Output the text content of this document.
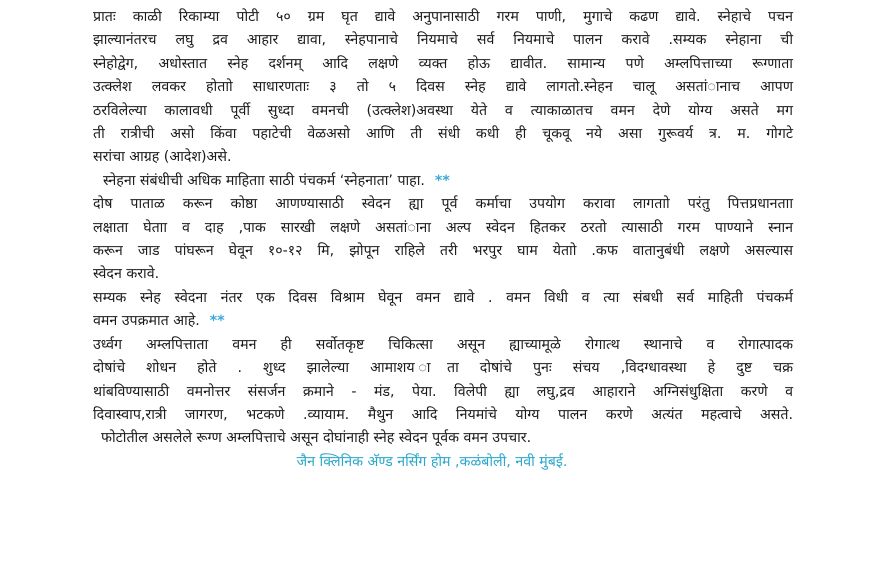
प्रातः काळी रिकाम्या पोटी ५० ग्रम घृत द्यावे अनुपानासाठी गरम पाणी, मुगाचे कढण द्यावे. स्नेहाचे पचन
झाल्यानंतरच लघु द्रव आहार द्यावा, स्नेहपानाचे नियमाचे सर्व नियमाचे पालन करावे .सम्यक स्नेहाना ची
स्नेहोद्वेग, अधोस्तात स्नेह दर्शनम् आदि लक्षणे व्यक्त होऊ द्यावीत. सामान्य पणे अम्लपित्ताच्या रूग्णाता
उत्क्लेश लवकर होताो साधारणताः ३ तो ५ दिवस स्नेह द्यावे लागतो.स्नेहन चालू असतांानाच आपण
ठरविलेल्या कालावधी पूर्वी सुध्दा वमनची (उत्क्लेश)अवस्था येते व त्याकाळातच वमन देणे योग्य असते मग
ती रात्रीची असो किंवा पहाटेची वेळअसो आणि ती संधी कधी ही चूकवू नये असा गुरूवर्य त्र. म. गोगटे
सरांचा आग्रह (आदेश)असे.
स्नेहना संबंधीची अधिक माहिताा साठी पंचकर्म ‘स्नेहनाता’ पाहा. **
दोष पाताळ करून कोष्ठा आणण्यासाठी स्वेदन ह्या पूर्व कर्माचा उपयोग करावा लागताो परंतु पित्तप्रधानताा
लक्षाता घेताा व दाह ,पाक सारखी लक्षणे असतांाना अल्प स्वेदन हितकर ठरतो त्यासाठी गरम पाण्याने स्नान
करून जाड पांघरून घेवून १०-१२ मि, झोपून राहिले तरी भरपुर घाम येताो .कफ वातानुबंधी लक्षणे असल्यास
स्वेदन करावे.
सम्यक स्नेह स्वेदना नंतर एक दिवस विश्राम घेवून वमन द्यावे . वमन विधी व त्या संबधी सर्व माहिती पंचकर्म
वमन उपक्रमात आहे. **
उर्ध्वग अम्लपित्ताता वमन ही सर्वोतकृष्ट चिकित्सा असून ह्याच्यामूळे रोगात्थ स्थानाचे व रोगात्पादक
दोषांचे शोधन होते . शुध्द झालेल्या आमाशय ाता दोषांचे पुनः संचय ,विदग्धावस्था हे दुष्ट चक्र
थांबविण्यासाठी वमनोत्तर संसर्जन क्रमाने - मंड, पेया. विलेपी ह्या लघु,द्रव आहाराने अग्निसंधुक्षिता करणे व
दिवास्वाप,रात्री जागरण, भटकणे .व्यायाम. मैथुन आदि नियमांचे योग्य पालन करणे अत्यंत महत्वाचे असते.
फोटोतील असलेले रूग्ण अम्लपित्ताचे असून दोघांनाही स्नेह स्वेदन पूर्वक वमन उपचार.
जैन क्लिनिक अ‍ॅण्ड नर्सिंग होम ,कळंबोली, नवी मुंबई.
